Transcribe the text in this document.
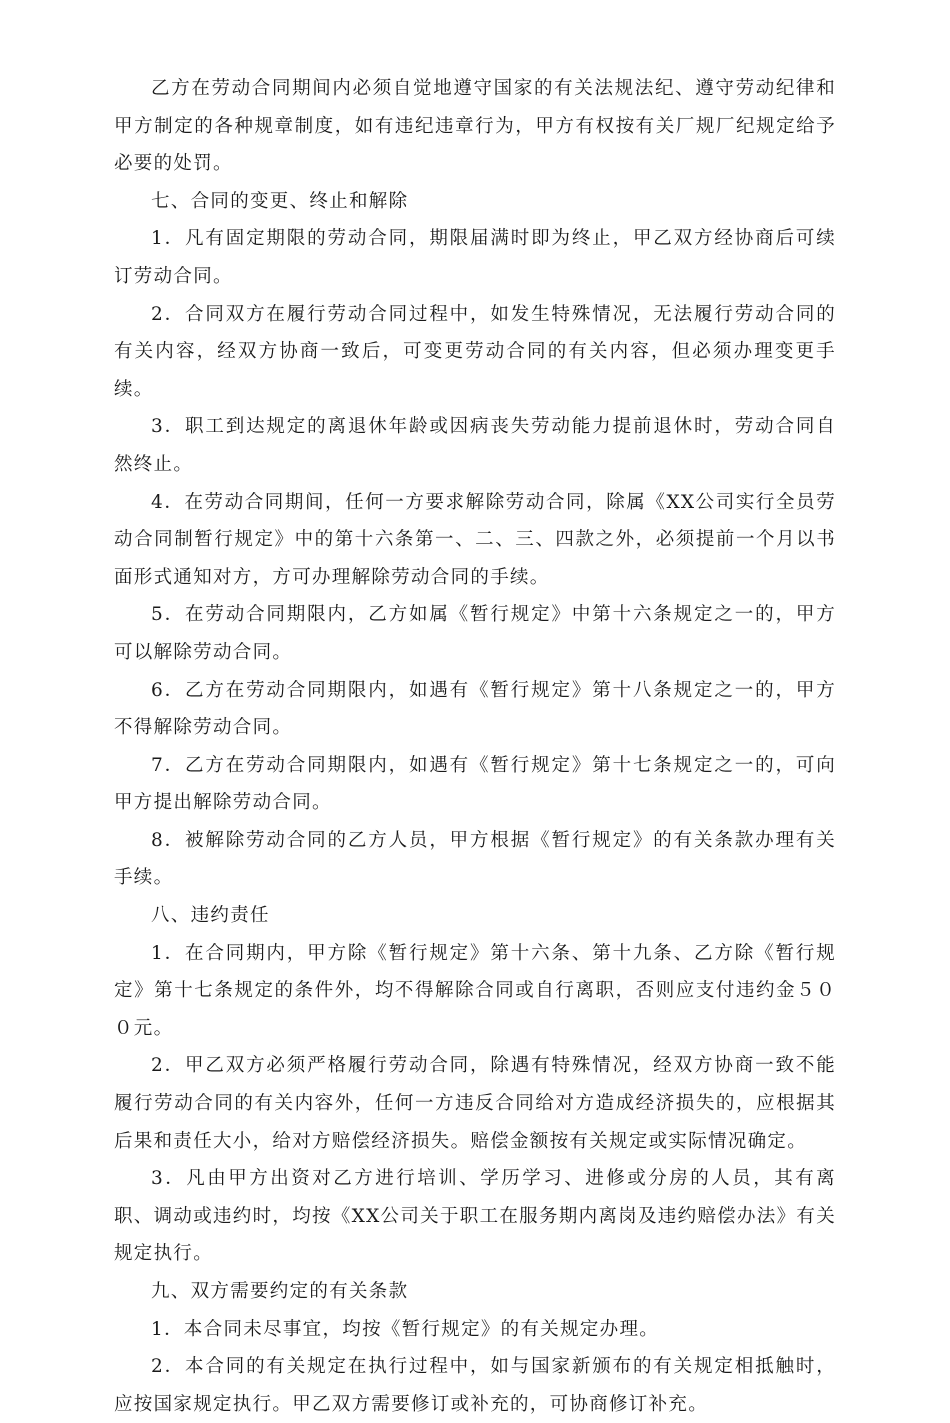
乙方在劳动合同期间内必须自觉地遵守国家的有关法规法纪、遵守劳动纪律和甲方制定的各种规章制度，如有违纪违章行为，甲方有权按有关厂规厂纪规定给予必要的处罚。

七、合同的变更、终止和解除

1．凡有固定期限的劳动合同，期限届满时即为终止，甲乙双方经协商后可续订劳动合同。

2．合同双方在履行劳动合同过程中，如发生特殊情况，无法履行劳动合同的有关内容，经双方协商一致后，可变更劳动合同的有关内容，但必须办理变更手续。

3．职工到达规定的离退休年龄或因病丧失劳动能力提前退休时，劳动合同自然终止。

4．在劳动合同期间，任何一方要求解除劳动合同，除属《XX公司实行全员劳动合同制暂行规定》中的第十六条第一、二、三、四款之外，必须提前一个月以书面形式通知对方，方可办理解除劳动合同的手续。

5．在劳动合同期限内，乙方如属《暂行规定》中第十六条规定之一的，甲方可以解除劳动合同。

6．乙方在劳动合同期限内，如遇有《暂行规定》第十八条规定之一的，甲方不得解除劳动合同。

7．乙方在劳动合同期限内，如遇有《暂行规定》第十七条规定之一的，可向甲方提出解除劳动合同。

8．被解除劳动合同的乙方人员，甲方根据《暂行规定》的有关条款办理有关手续。

八、违约责任

1．在合同期内，甲方除《暂行规定》第十六条、第十九条、乙方除《暂行规定》第十七条规定的条件外，均不得解除合同或自行离职，否则应支付违约金５００元。

2．甲乙双方必须严格履行劳动合同，除遇有特殊情况，经双方协商一致不能履行劳动合同的有关内容外，任何一方违反合同给对方造成经济损失的，应根据其后果和责任大小，给对方赔偿经济损失。赔偿金额按有关规定或实际情况确定。

3．凡由甲方出资对乙方进行培训、学历学习、进修或分房的人员，其有离职、调动或违约时，均按《XX公司关于职工在服务期内离岗及违约赔偿办法》有关规定执行。

九、双方需要约定的有关条款

1．本合同未尽事宜，均按《暂行规定》的有关规定办理。

2．本合同的有关规定在执行过程中，如与国家新颁布的有关规定相抵触时，应按国家规定执行。甲乙双方需要修订或补充的，可协商修订补充。
